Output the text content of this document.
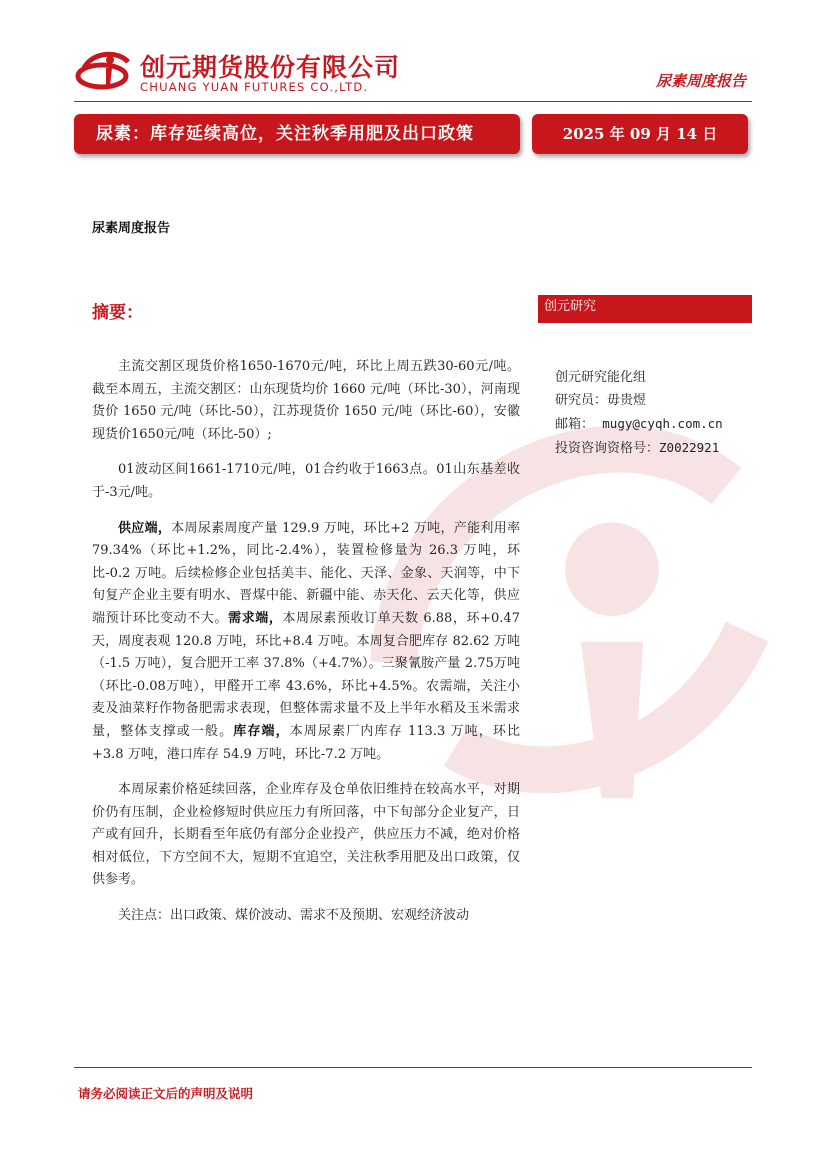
创元期货股份有限公司
CHUANG YUAN FUTURES CO.,LTD.	尿素周度报告
尿素：库存延续高位，关注秋季用肥及出口政策	2025 年 09 月 14 日
尿素周度报告
摘要：	创元研究
创元研究能化组
研究员：毋贵煜
邮箱： mugy@cyqh.com.cn
投资咨询资格号：Z0022921

主流交割区现货价格1650-1670元/吨，环比上周五跌30-60元/吨。截至本周五，主流交割区：山东现货均价 1660 元/吨（环比-30），河南现货价 1650 元/吨（环比-50），江苏现货价 1650 元/吨（环比-60），安徽现货价1650元/吨（环比-50）;

01波动区间1661-1710元/吨，01合约收于1663点。01山东基差收于-3元/吨。

供应端，本周尿素周度产量 129.9 万吨，环比+2 万吨，产能利用率 79.34%（环比+1.2%，同比-2.4%），装置检修量为 26.3 万吨，环比-0.2 万吨。后续检修企业包括美丰、能化、天泽、金象、天润等，中下旬复产企业主要有明水、晋煤中能、新疆中能、赤天化、云天化等，供应端预计环比变动不大。需求端，本周尿素预收订单天数 6.88，环+0.47 天，周度表观 120.8 万吨，环比+8.4 万吨。本周复合肥库存 82.62 万吨（-1.5 万吨），复合肥开工率 37.8%（+4.7%）。三聚氰胺产量 2.75万吨（环比-0.08万吨），甲醛开工率 43.6%，环比+4.5%。农需端，关注小麦及油菜籽作物备肥需求表现，但整体需求量不及上半年水稻及玉米需求量，整体支撑或一般。库存端，本周尿素厂内库存 113.3 万吨，环比+3.8 万吨，港口库存 54.9 万吨，环比-7.2 万吨。

本周尿素价格延续回落，企业库存及仓单依旧维持在较高水平，对期价仍有压制，企业检修短时供应压力有所回落，中下旬部分企业复产，日产或有回升，长期看至年底仍有部分企业投产，供应压力不减，绝对价格相对低位，下方空间不大，短期不宜追空，关注秋季用肥及出口政策，仅供参考。

关注点：出口政策、煤价波动、需求不及预期、宏观经济波动

请务必阅读正文后的声明及说明
